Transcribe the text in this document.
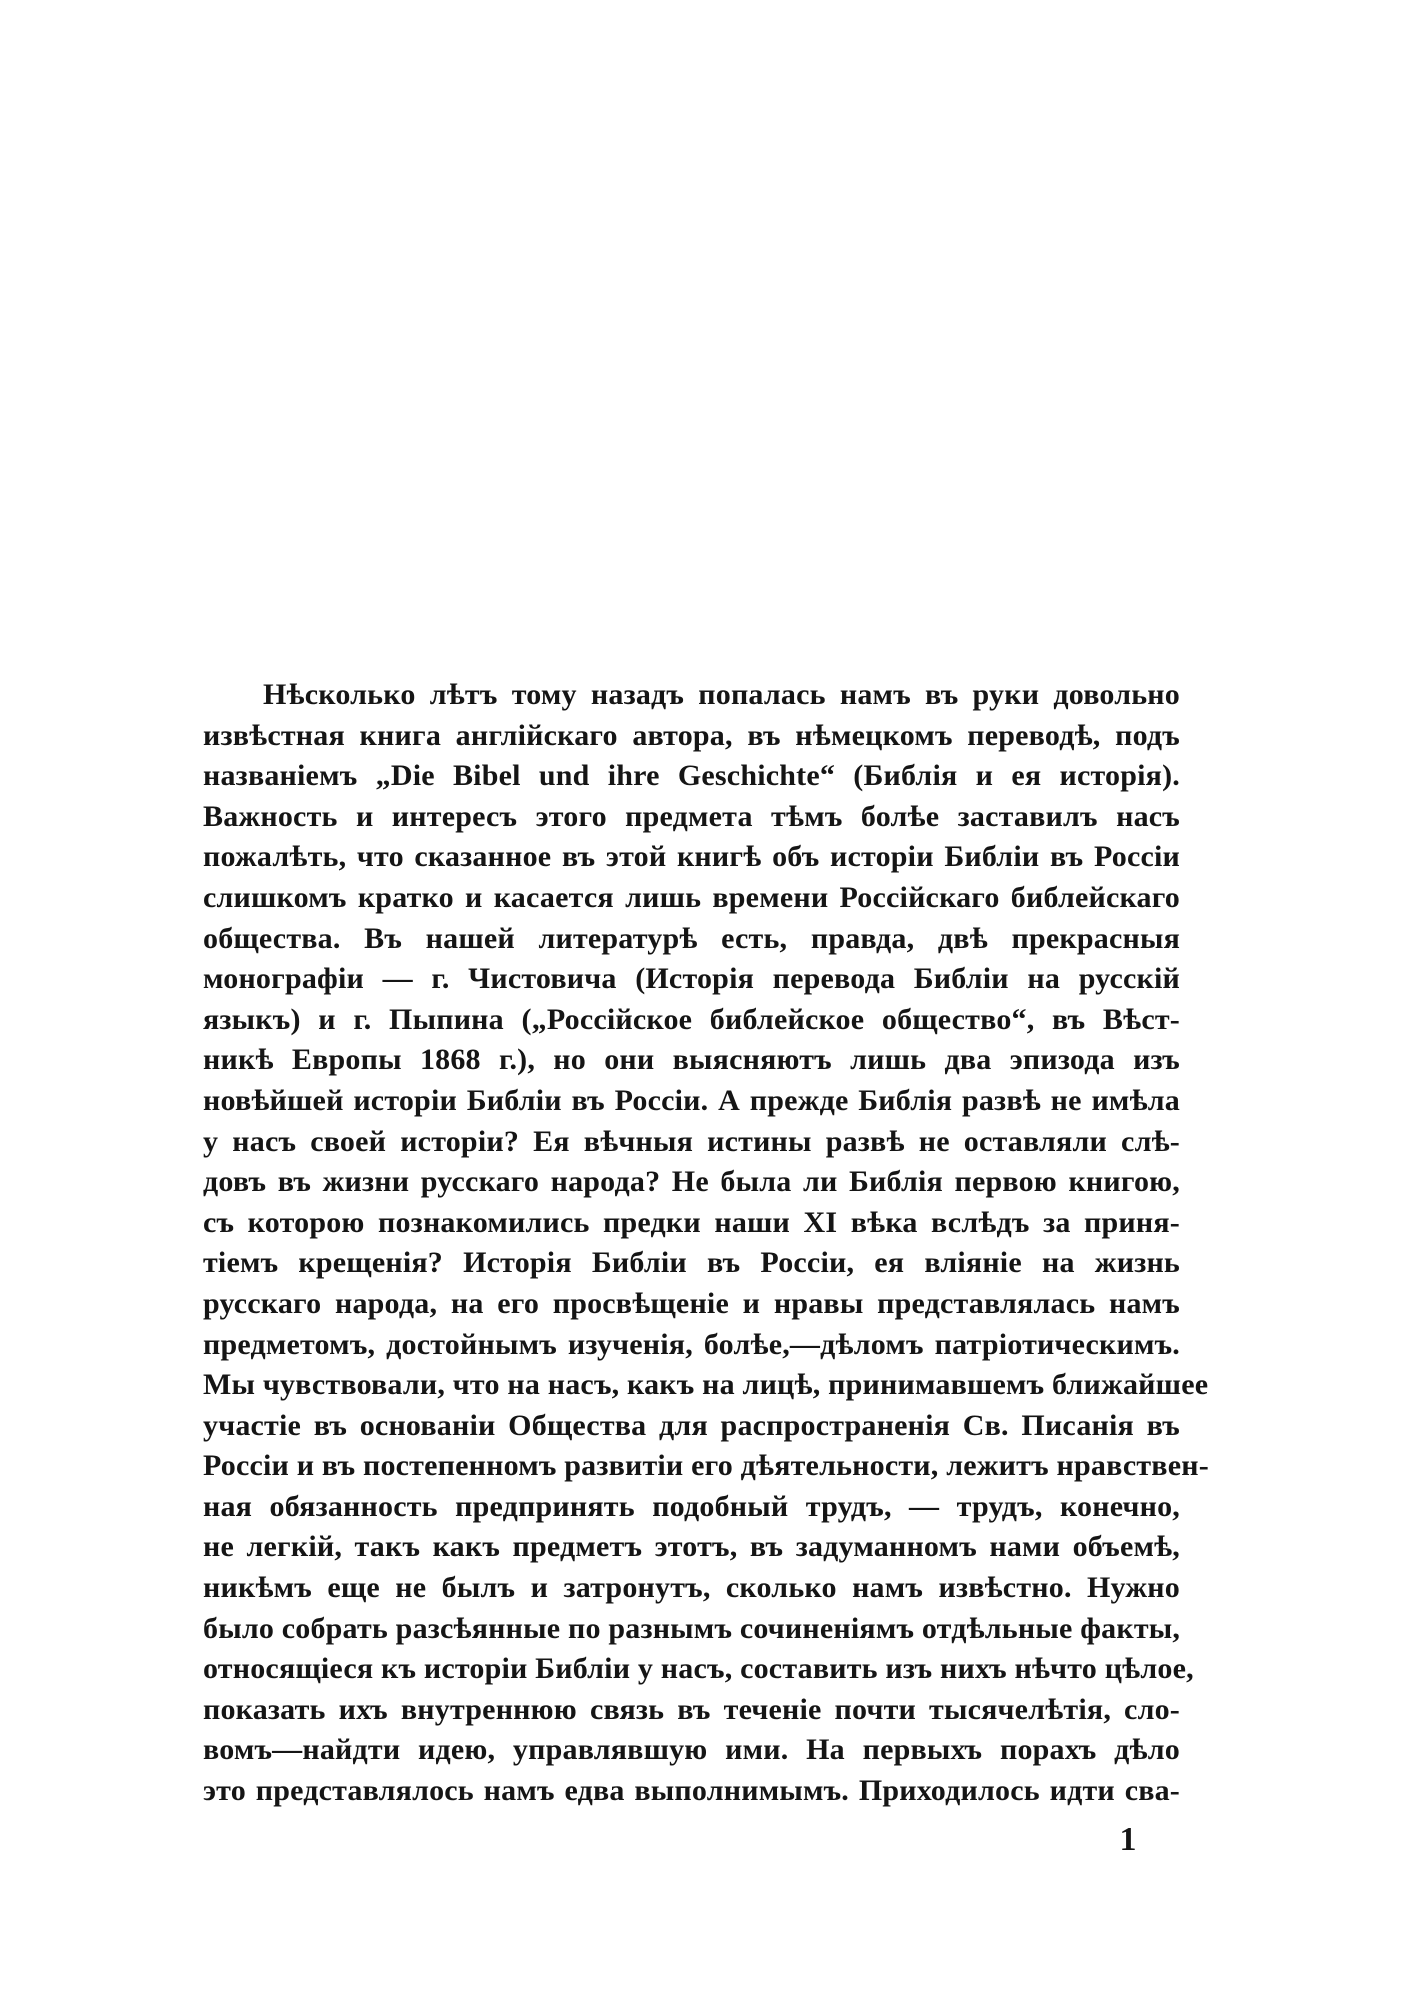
Нѣсколько лѣтъ тому назадъ попалась намъ въ руки довольно
извѣстная книга англійскаго автора, въ нѣмецкомъ переводѣ, подъ
названіемъ „Die Bibel und ihre Geschichte“ (Библія и ея исторія).
Важность и интересъ этого предмета тѣмъ болѣе заставилъ насъ
пожалѣть, что сказанное въ этой книгѣ объ исторіи Библіи въ Россіи
слишкомъ кратко и касается лишь времени Россійскаго библейскаго
общества. Въ нашей литературѣ есть, правда, двѣ прекрасныя
монографіи — г. Чистовича (Исторія перевода Библіи на русскій
языкъ) и г. Пыпина („Россійское библейское общество“, въ Вѣст-
никѣ Европы 1868 г.), но они выясняютъ лишь два эпизода изъ
новѣйшей исторіи Библіи въ Россіи. А прежде Библія развѣ не имѣла
у насъ своей исторіи? Ея вѣчныя истины развѣ не оставляли слѣ-
довъ въ жизни русскаго народа? Не была ли Библія первою книгою,
съ которою познакомились предки наши XI вѣка вслѣдъ за приня-
тіемъ крещенія? Исторія Библіи въ Россіи, ея вліяніе на жизнь
русскаго народа, на его просвѣщеніе и нравы представлялась намъ
предметомъ, достойнымъ изученія, болѣе,—дѣломъ патріотическимъ.
Мы чувствовали, что на насъ, какъ на лицѣ, принимавшемъ ближайшее
участіе въ основаніи Общества для распространенія Св. Писанія въ
Россіи и въ постепенномъ развитіи его дѣятельности, лежитъ нравствен-
ная обязанность предпринять подобный трудъ, — трудъ, конечно,
не легкій, такъ какъ предметъ этотъ, въ задуманномъ нами объемѣ,
никѣмъ еще не былъ и затронутъ, сколько намъ извѣстно. Нужно
было собрать разсѣянные по разнымъ сочиненіямъ отдѣльные факты,
относящіеся къ исторіи Библіи у насъ, составить изъ нихъ нѣчто цѣлое,
показать ихъ внутреннюю связь въ теченіе почти тысячелѣтія, сло-
вомъ—найдти идею, управлявшую ими. На первыхъ порахъ дѣло
это представлялось намъ едва выполнимымъ. Приходилось идти сва-
1
